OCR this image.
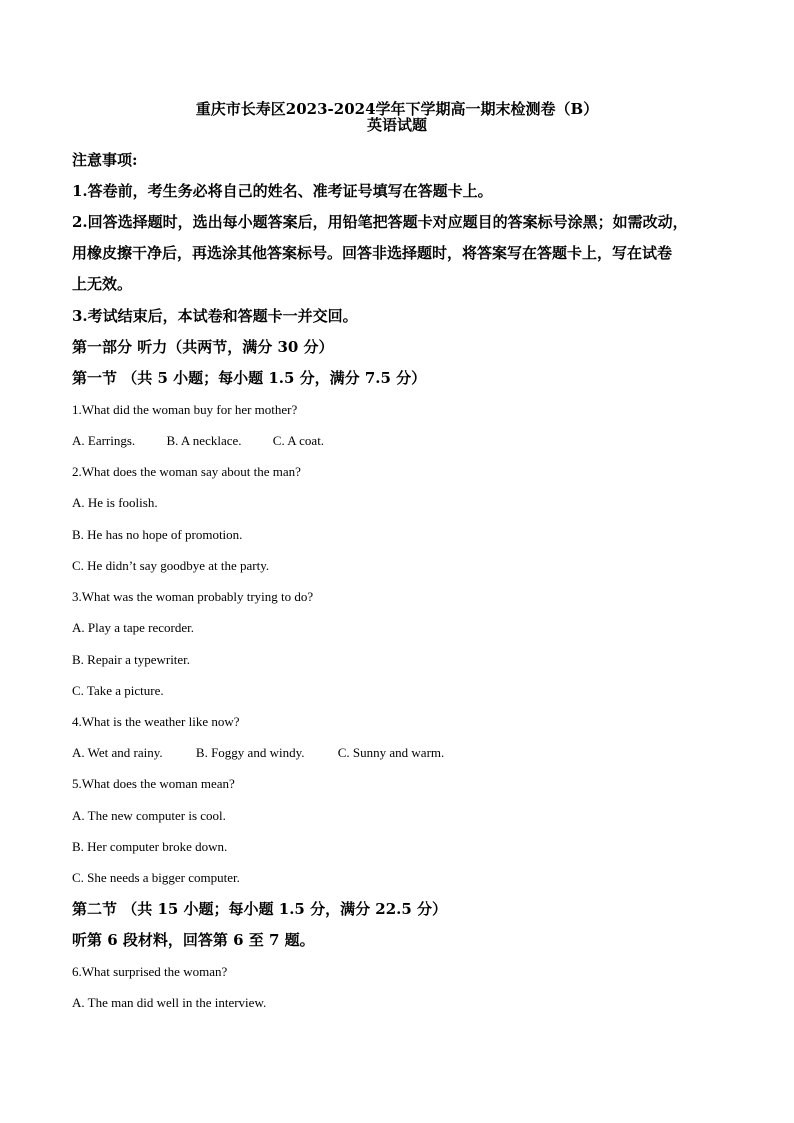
重庆市长寿区2023-2024学年下学期高一期末检测卷（B）
英语试题
注意事项:
1.答卷前，考生务必将自己的姓名、准考证号填写在答题卡上。
2.回答选择题时，选出每小题答案后，用铅笔把答题卡对应题目的答案标号涂黑；如需改动，
用橡皮擦干净后，再选涂其他答案标号。回答非选择题时，将答案写在答题卡上，写在试卷
上无效。
3.考试结束后，本试卷和答题卡一并交回。
第一部分 听力（共两节，满分 30 分）
第一节 （共 5 小题；每小题 1.5 分，满分 7.5 分）
1.What did the woman buy for her mother?
A. Earrings. B. A necklace. C. A coat.
2.What does the woman say about the man?
A. He is foolish.
B. He has no hope of promotion.
C. He didn’t say goodbye at the party.
3.What was the woman probably trying to do?
A. Play a tape recorder.
B. Repair a typewriter.
C. Take a picture.
4.What is the weather like now?
A. Wet and rainy.	B. Foggy and windy.	C. Sunny and warm.
5.What does the woman mean?
A. The new computer is cool.
B. Her computer broke down.
C. She needs a bigger computer.
第二节 （共 15 小题；每小题 1.5 分，满分 22.5 分）
听第 6 段材料，回答第 6 至 7 题。
6.What surprised the woman?
A. The man did well in the interview.
